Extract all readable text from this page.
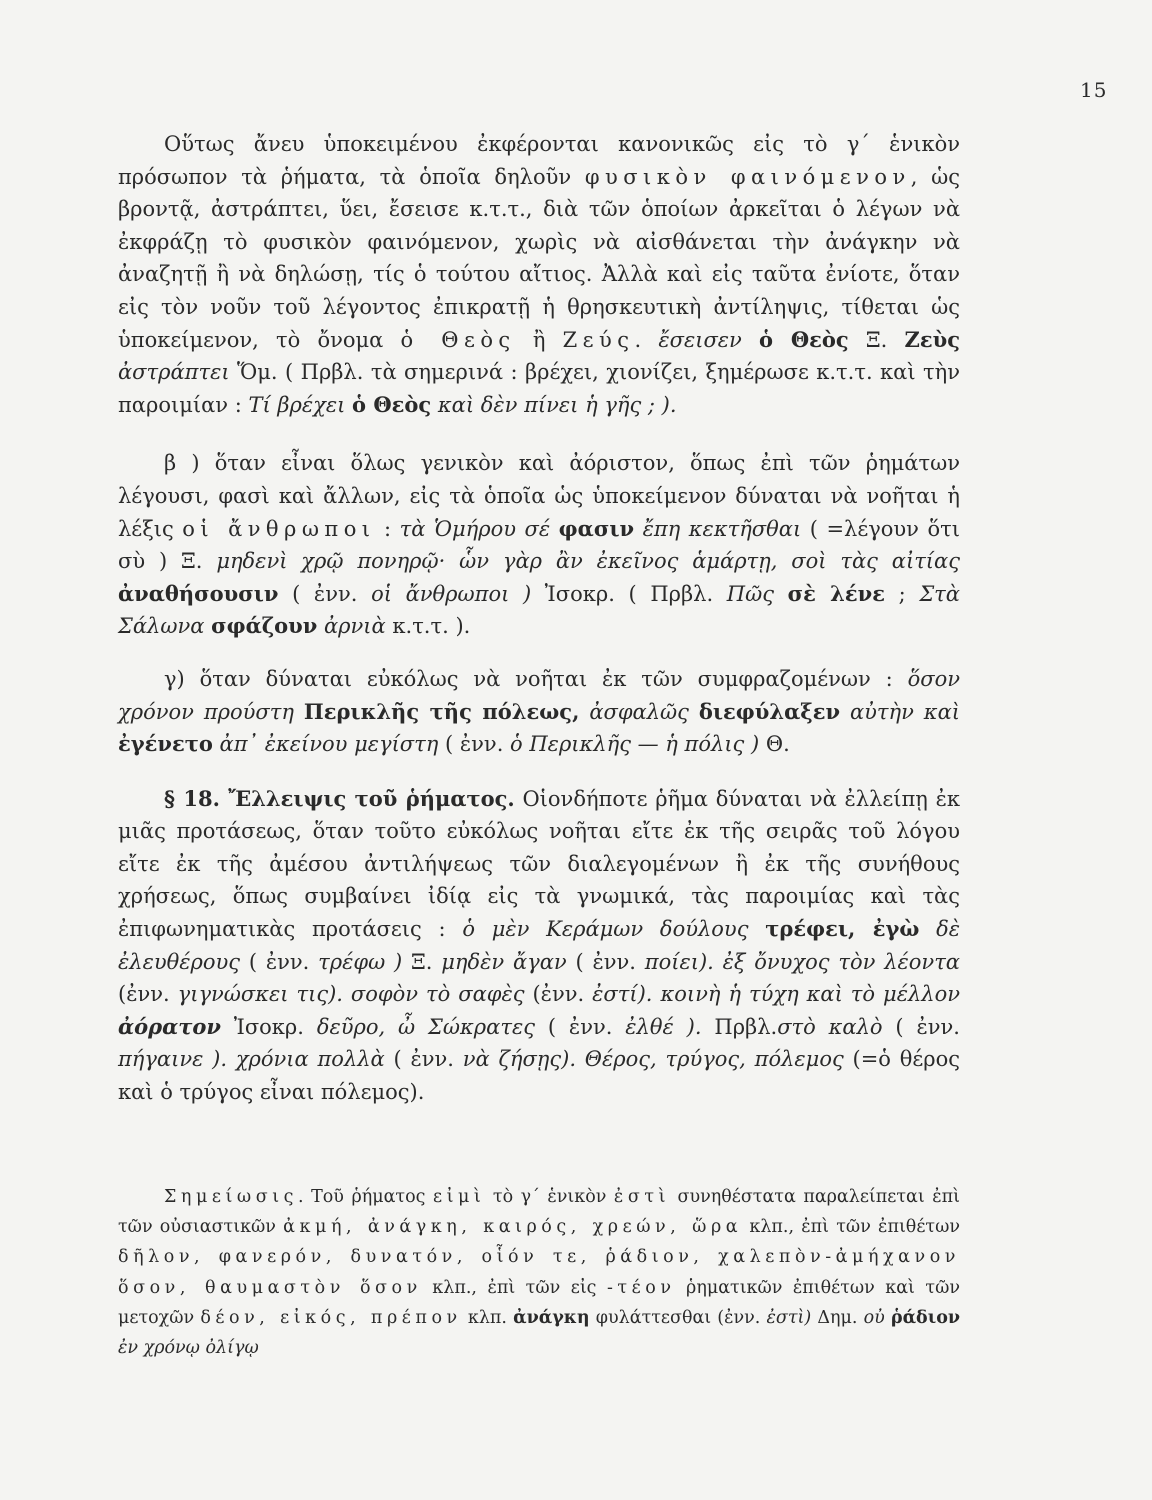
15

Οὕτως ἄνευ ὑποκειμένου ἐκφέρονται κανονικῶς εἰς τὸ γ΄ ἑνικὸν πρόσωπον τὰ ῥήματα, τὰ ὁποῖα δηλοῦν φυσικὸν φαινόμενον, ὡς βροντᾷ, ἀστράπτει, ὕει, ἔσεισε κ.τ.τ., διὰ τῶν ὁποίων ἀρκεῖται ὁ λέγων νὰ ἐκφράζῃ τὸ φυσικὸν φαινόμενον, χωρὶς νὰ αἰσθάνεται τὴν ἀνάγκην νὰ ἀναζητῇ ἢ νὰ δηλώσῃ, τίς ὁ τούτου αἴτιος. Ἀλλὰ καὶ εἰς ταῦτα ἐνίοτε, ὅταν εἰς τὸν νοῦν τοῦ λέγοντος ἐπικρατῇ ἡ θρησκευτικὴ ἀντίληψις, τίθεται ὡς ὑποκείμενον, τὸ ὄνομα ὁ Θεὸς ἢ Ζεύς. ἔσεισεν ὁ Θεὸς Ξ. Ζεὺς ἀστράπτει Ὅμ. ( Πρβλ. τὰ σημερινά : βρέχει, χιονίζει, ξημέρωσε κ.τ.τ. καὶ τὴν παροιμίαν : Τί βρέχει ὁ Θεὸς καὶ δὲν πίνει ἡ γῆς ; ).

β ) ὅταν εἶναι ὅλως γενικὸν καὶ ἀόριστον, ὅπως ἐπὶ τῶν ῥημάτων λέγουσι, φασὶ καὶ ἄλλων, εἰς τὰ ὁποῖα ὡς ὑποκείμενον δύναται νὰ νοῆται ἡ λέξις οἱ ἄνθρωποι : τὰ Ὁμήρου σέ φασιν ἔπη κεκτῆσθαι ( =λέγουν ὅτι σὺ ) Ξ. μηδενὶ χρῷ πονηρῷ· ὧν γὰρ ἂν ἐκεῖνος ἁμάρτῃ, σοὶ τὰς αἰτίας ἀναθήσουσιν ( ἐνν. οἱ ἄνθρωποι ) Ἰσοκρ. ( Πρβλ. Πῶς σὲ λένε ; Στὰ Σάλωνα σφάζουν ἀρνιὰ κ.τ.τ. ).

γ) ὅταν δύναται εὐκόλως νὰ νοῆται ἐκ τῶν συμφραζομένων : ὅσον χρόνον προύστη Περικλῆς τῆς πόλεως, ἀσφαλῶς διεφύλαξεν αὐτὴν καὶ ἐγένετο ἀπ᾽ ἐκείνου μεγίστη ( ἐνν. ὁ Περικλῆς — ἡ πόλις ) Θ.

§ 18. Ἔλλειψις τοῦ ῥήματος. Οἱονδήποτε ῥῆμα δύναται νὰ ἐλλείπῃ ἐκ μιᾶς προτάσεως, ὅταν τοῦτο εὐκόλως νοῆται εἴτε ἐκ τῆς σειρᾶς τοῦ λόγου εἴτε ἐκ τῆς ἀμέσου ἀντιλήψεως τῶν διαλεγομένων ἢ ἐκ τῆς συνήθους χρήσεως, ὅπως συμβαίνει ἰδίᾳ εἰς τὰ γνωμικά, τὰς παροιμίας καὶ τὰς ἐπιφωνηματικὰς προτάσεις : ὁ μὲν Κεράμων δούλους τρέφει, ἐγὼ δὲ ἐλευθέρους ( ἐνν. τρέφω ) Ξ. μηδὲν ἄγαν ( ἐνν. ποίει). ἐξ ὄνυχος τὸν λέοντα (ἐνν. γιγνώσκει τις). σοφὸν τὸ σαφὲς (ἐνν. ἐστί). κοινὴ ἡ τύχη καὶ τὸ μέλλον ἀόρατον Ἰσοκρ. δεῦρο, ὦ Σώκρατες ( ἐνν. ἐλθέ ). Πρβλ.στὸ καλὸ ( ἐνν. πήγαινε ). χρόνια πολλὰ ( ἐνν. νὰ ζήσῃς). Θέρος, τρύγος, πόλεμος (=ὁ θέρος καὶ ὁ τρύγος εἶναι πόλεμος).

Σημείωσις. Τοῦ ῥήματος εἰμὶ τὸ γ΄ ἑνικὸν ἐστὶ συνηθέστατα παραλείπεται ἐπὶ τῶν οὐσιαστικῶν ἀκμή, ἀνάγκη, καιρός, χρεών, ὥρα κλπ., ἐπὶ τῶν ἐπιθέτων δῆλον, φανερόν, δυνατόν, οἷόν τε, ῥάδιον, χαλεπὸν-ἀμήχανον ὅσον, θαυμαστὸν ὅσον κλπ., ἐπὶ τῶν εἰς -τέον ῥηματικῶν ἐπιθέτων καὶ τῶν μετοχῶν δέον, εἰκός, πρέπον κλπ. ἀνάγκη φυλάττεσθαι (ἐνν. ἐστὶ) Δημ. οὐ ῥάδιον ἐν χρόνῳ ὀλίγῳ
